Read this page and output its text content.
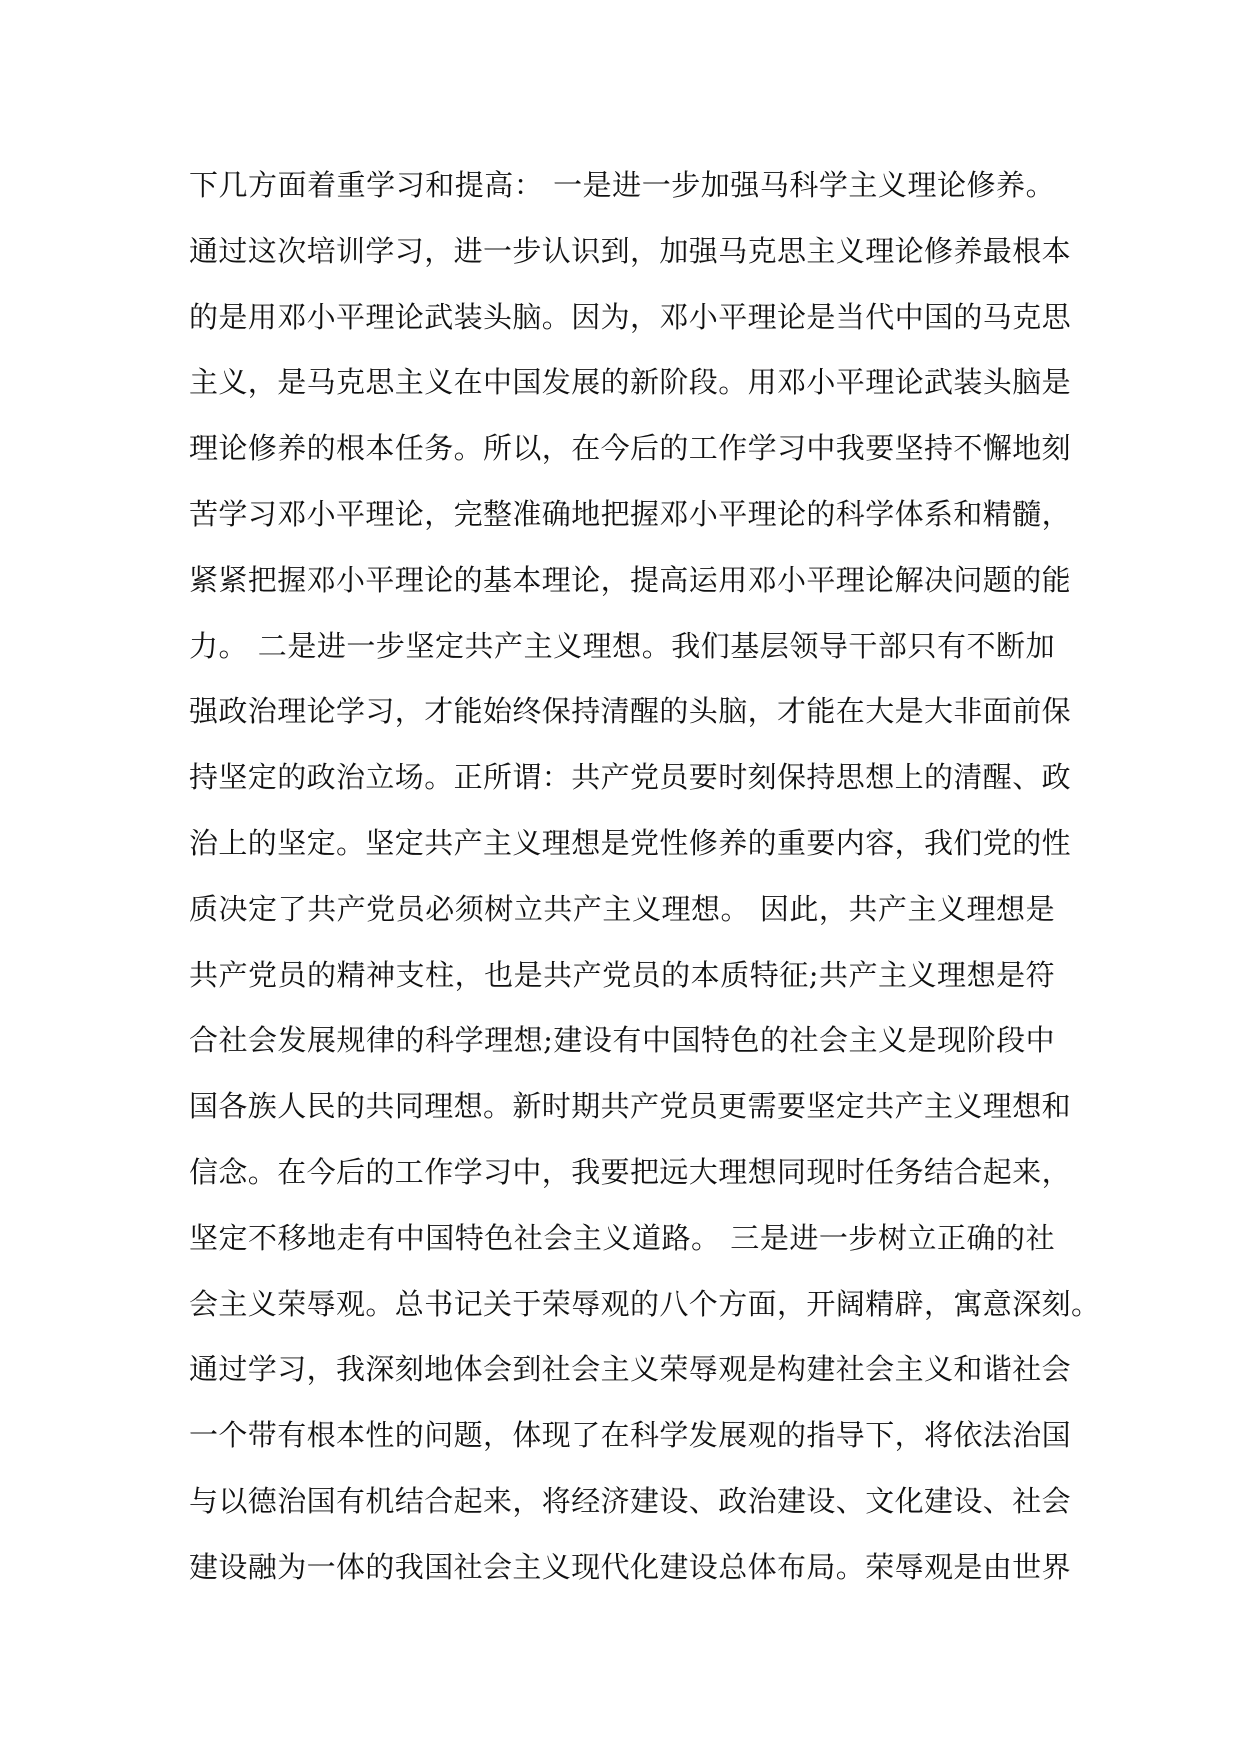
下几方面着重学习和提高： 一是进一步加强马科学主义理论修养。
通过这次培训学习，进一步认识到，加强马克思主义理论修养最根本
的是用邓小平理论武装头脑。因为，邓小平理论是当代中国的马克思
主义，是马克思主义在中国发展的新阶段。用邓小平理论武装头脑是
理论修养的根本任务。所以，在今后的工作学习中我要坚持不懈地刻
苦学习邓小平理论，完整准确地把握邓小平理论的科学体系和精髓，
紧紧把握邓小平理论的基本理论，提高运用邓小平理论解决问题的能
力。 二是进一步坚定共产主义理想。我们基层领导干部只有不断加
强政治理论学习，才能始终保持清醒的头脑，才能在大是大非面前保
持坚定的政治立场。正所谓：共产党员要时刻保持思想上的清醒、政
治上的坚定。坚定共产主义理想是党性修养的重要内容，我们党的性
质决定了共产党员必须树立共产主义理想。 因此，共产主义理想是
共产党员的精神支柱，也是共产党员的本质特征;共产主义理想是符
合社会发展规律的科学理想;建设有中国特色的社会主义是现阶段中
国各族人民的共同理想。新时期共产党员更需要坚定共产主义理想和
信念。在今后的工作学习中，我要把远大理想同现时任务结合起来，
坚定不移地走有中国特色社会主义道路。 三是进一步树立正确的社
会主义荣辱观。总书记关于荣辱观的八个方面，开阔精辟，寓意深刻。
通过学习，我深刻地体会到社会主义荣辱观是构建社会主义和谐社会
一个带有根本性的问题，体现了在科学发展观的指导下，将依法治国
与以德治国有机结合起来，将经济建设、政治建设、文化建设、社会
建设融为一体的我国社会主义现代化建设总体布局。荣辱观是由世界
